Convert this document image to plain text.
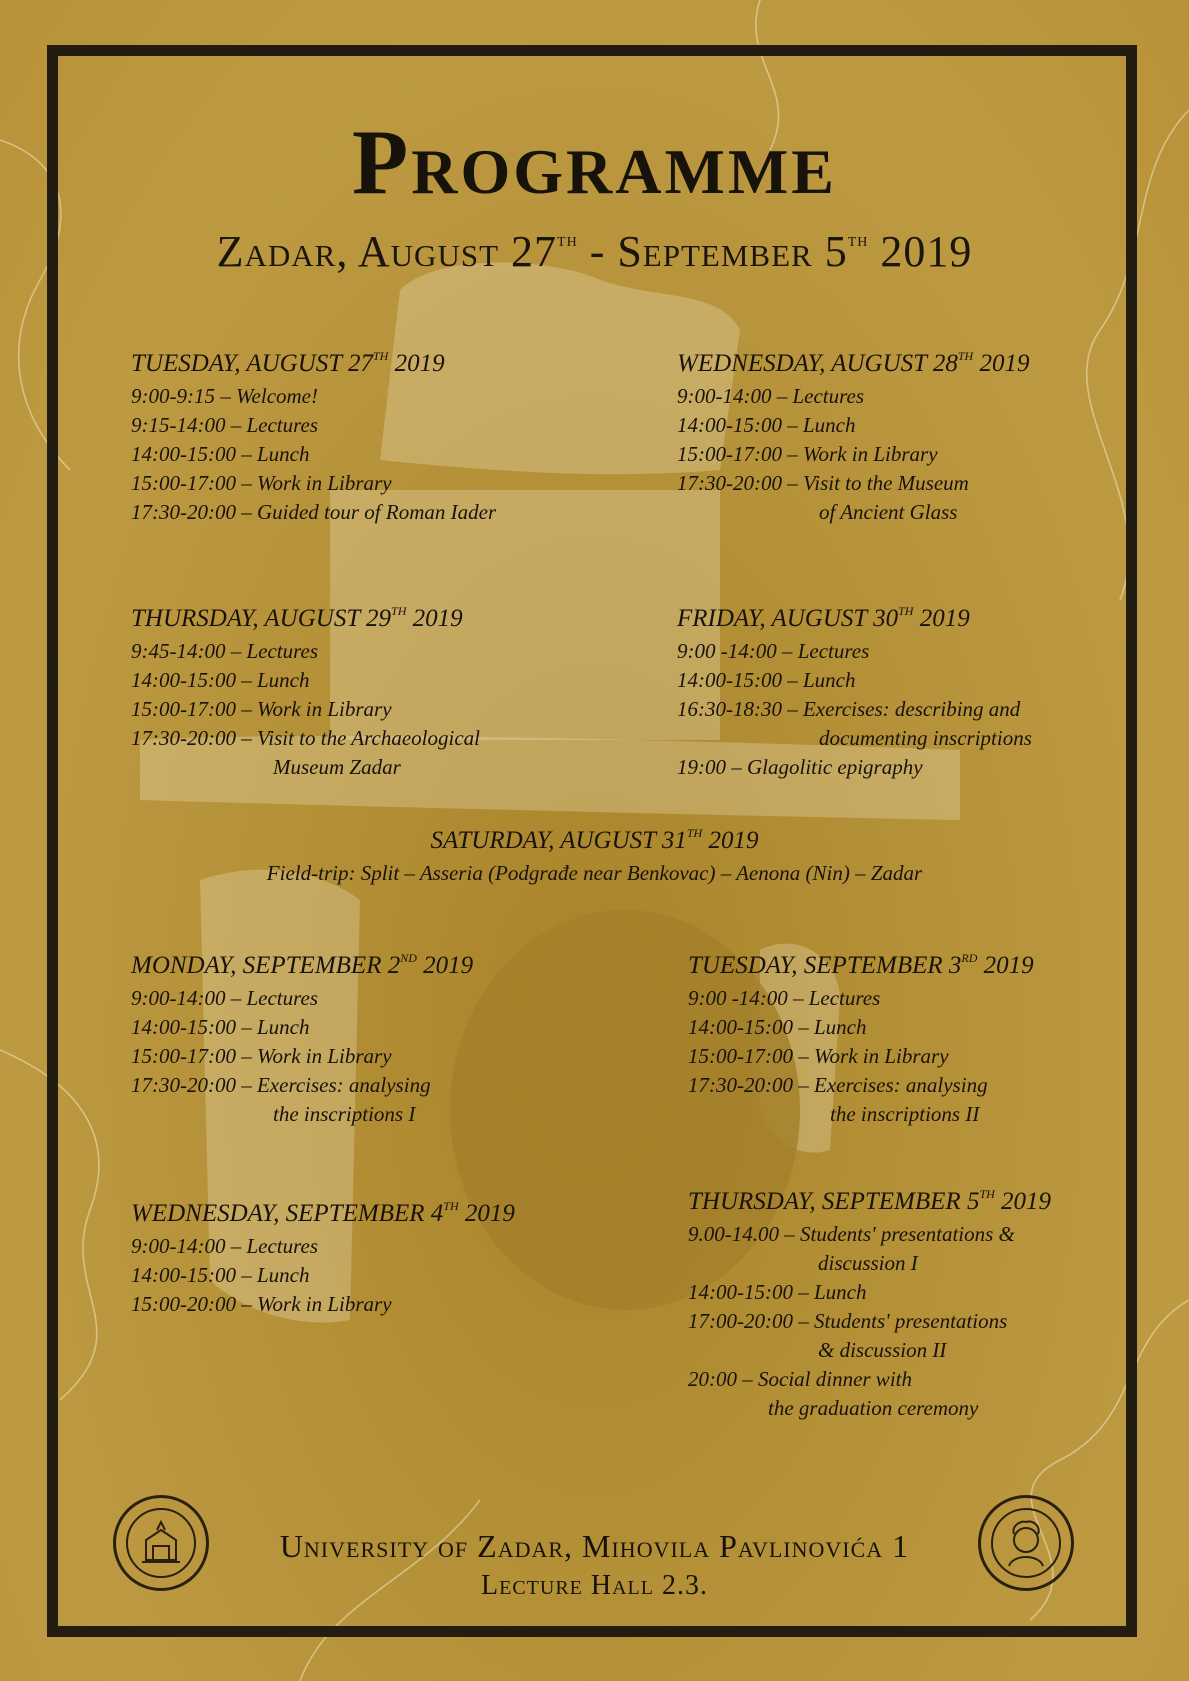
Programme
Zadar, August 27th - September 5th 2019
TUESDAY, AUGUST 27TH 2019
9:00-9:15 – Welcome!
9:15-14:00 – Lectures
14:00-15:00 – Lunch
15:00-17:00 – Work in Library
17:30-20:00 – Guided tour of Roman Iader
WEDNESDAY, AUGUST 28TH 2019
9:00-14:00 – Lectures
14:00-15:00 – Lunch
15:00-17:00 – Work in Library
17:30-20:00 – Visit to the Museum
of Ancient Glass
THURSDAY, AUGUST 29TH 2019
9:45-14:00 – Lectures
14:00-15:00 – Lunch
15:00-17:00 – Work in Library
17:30-20:00 – Visit to the Archaeological
Museum Zadar
FRIDAY, AUGUST 30TH 2019
9:00 -14:00 – Lectures
14:00-15:00 – Lunch
16:30-18:30 – Exercises: describing and
documenting inscriptions
19:00 – Glagolitic epigraphy
SATURDAY, AUGUST 31TH 2019
Field-trip: Split – Asseria (Podgrađe near Benkovac) – Aenona (Nin) – Zadar
MONDAY, SEPTEMBER 2ND 2019
9:00-14:00 – Lectures
14:00-15:00 – Lunch
15:00-17:00 – Work in Library
17:30-20:00 – Exercises: analysing
the inscriptions I
TUESDAY, SEPTEMBER 3RD 2019
9:00 -14:00 – Lectures
14:00-15:00 – Lunch
15:00-17:00 – Work in Library
17:30-20:00 – Exercises: analysing
the inscriptions II
WEDNESDAY, SEPTEMBER 4TH 2019
9:00-14:00 – Lectures
14:00-15:00 – Lunch
15:00-20:00 – Work in Library
THURSDAY, SEPTEMBER 5TH 2019
9.00-14.00 – Students' presentations &
discussion I
14:00-15:00 – Lunch
17:00-20:00 – Students' presentations
& discussion II
20:00 – Social dinner with
the graduation ceremony
University of Zadar, Mihovila Pavlinovića 1
Lecture Hall 2.3.
